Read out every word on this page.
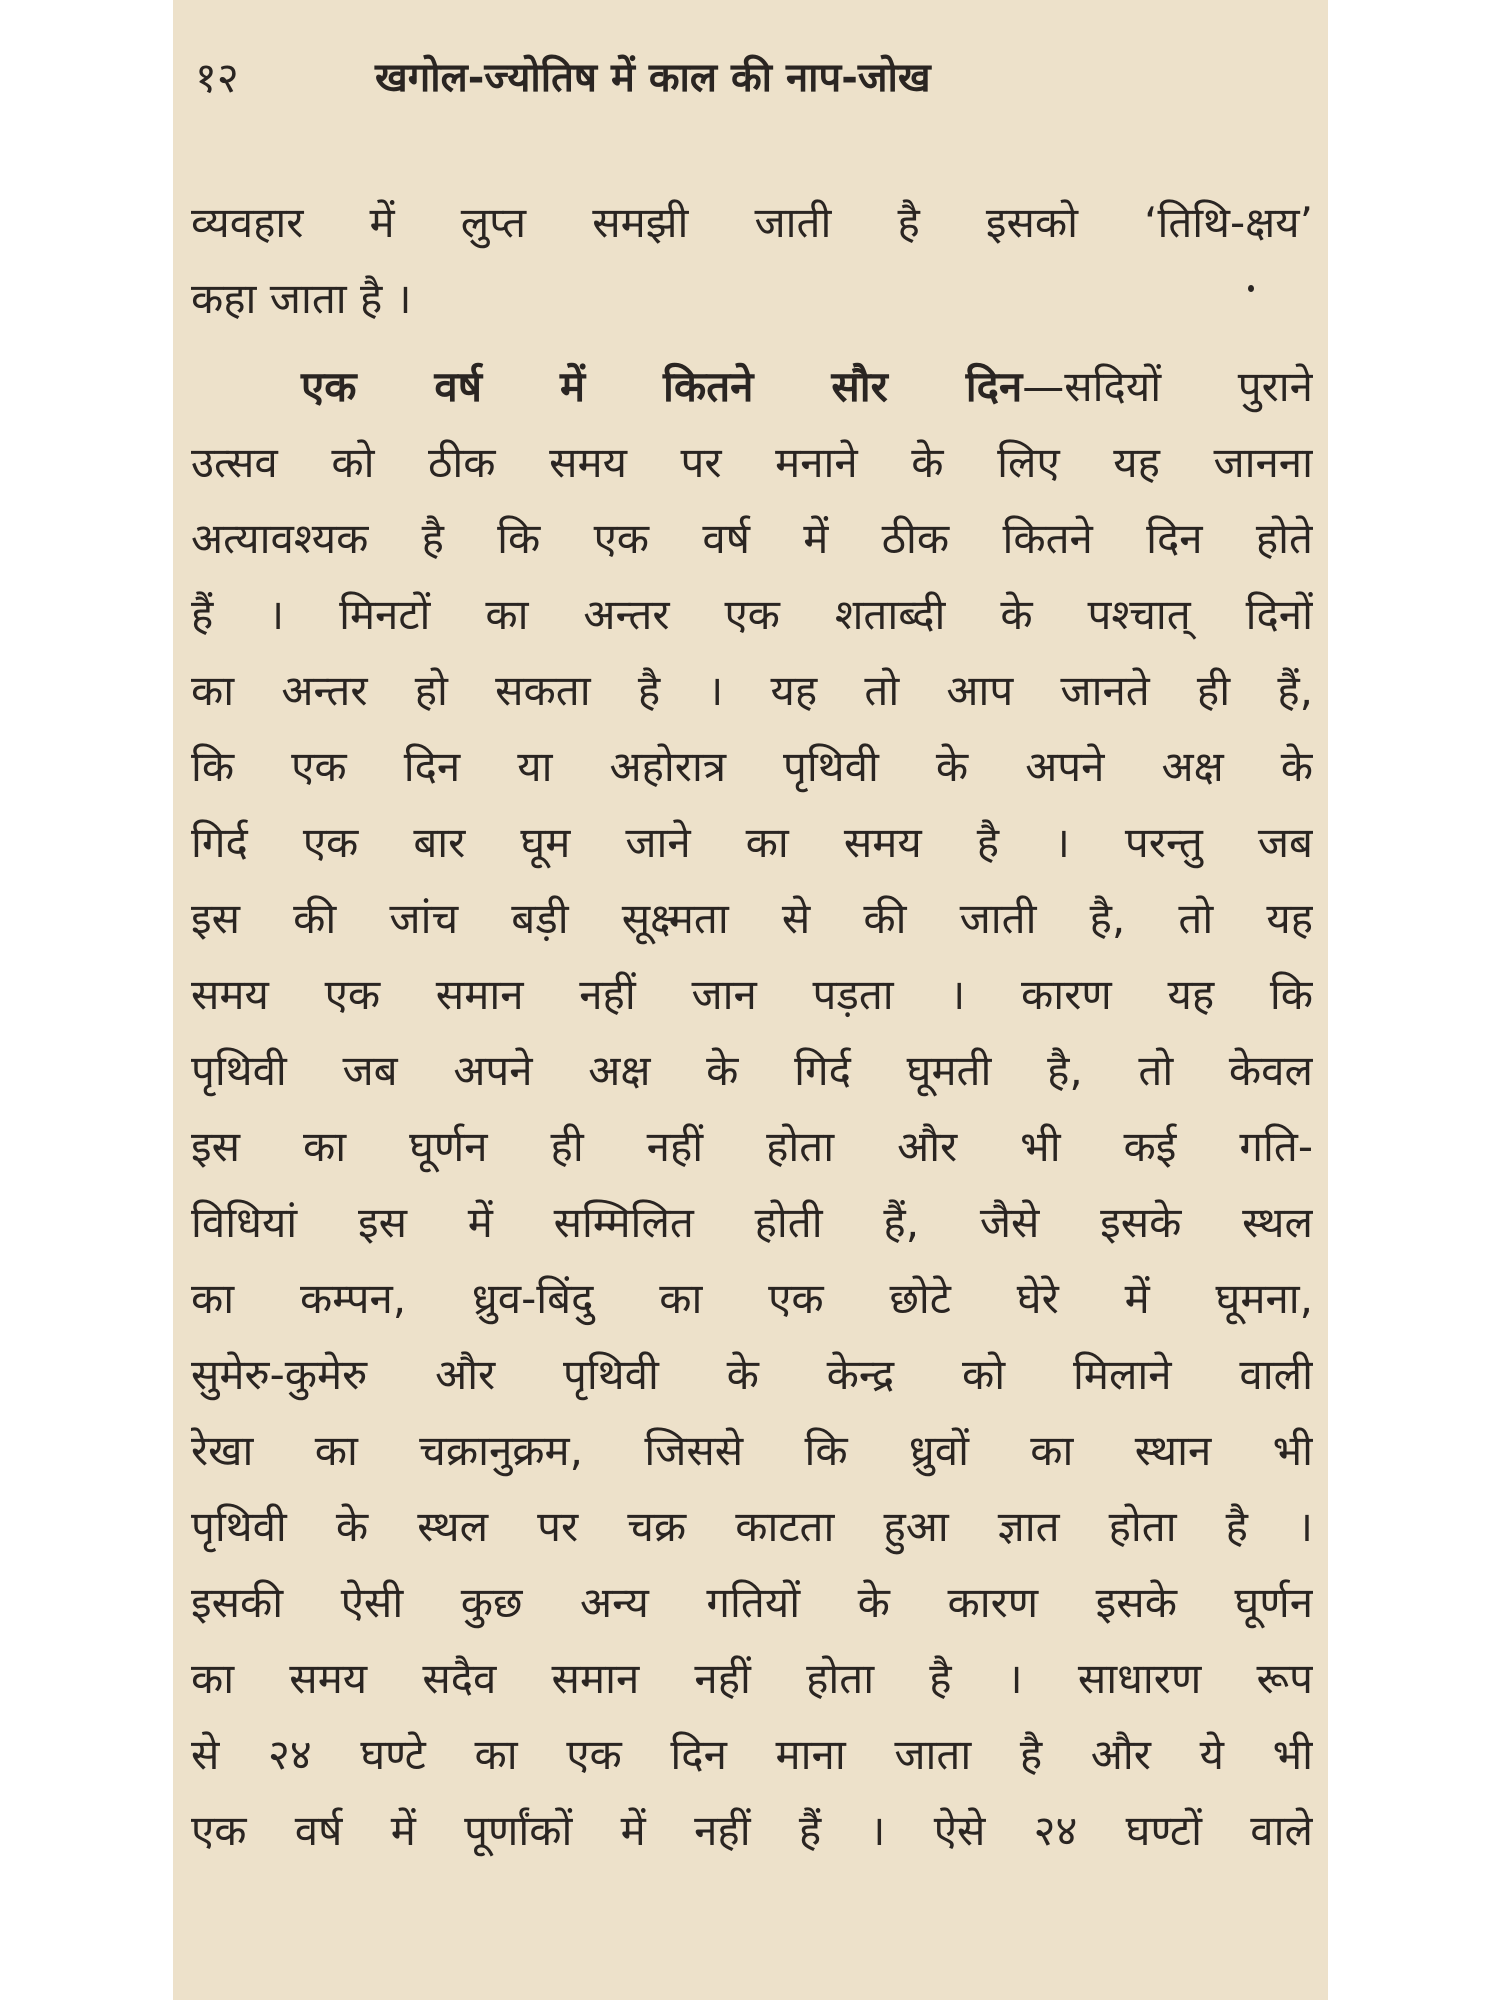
१२	खगोल-ज्योतिष में काल की नाप-जोख
व्यवहार में लुप्त समझी जाती है इसको ‘तिथि-क्षय’
कहा जाता है ।
एक वर्ष में कितने सौर दिन—सदियों पुराने
उत्सव को ठीक समय पर मनाने के लिए यह जानना
अत्यावश्यक है कि एक वर्ष में ठीक कितने दिन होते
हैं । मिनटों का अन्तर एक शताब्दी के पश्चात् दिनों
का अन्तर हो सकता है । यह तो आप जानते ही हैं,
कि एक दिन या अहोरात्र पृथिवी के अपने अक्ष के
गिर्द एक बार घूम जाने का समय है । परन्तु जब
इस की जांच बड़ी सूक्ष्मता से की जाती है, तो यह
समय एक समान नहीं जान पड़ता । कारण यह कि
पृथिवी जब अपने अक्ष के गिर्द घूमती है, तो केवल
इस का घूर्णन ही नहीं होता और भी कई गति-
विधियां इस में सम्मिलित होती हैं, जैसे इसके स्थल
का कम्पन, ध्रुव-बिंदु का एक छोटे घेरे में घूमना,
सुमेरु-कुमेरु और पृथिवी के केन्द्र को मिलाने वाली
रेखा का चक्रानुक्रम, जिससे कि ध्रुवों का स्थान भी
पृथिवी के स्थल पर चक्र काटता हुआ ज्ञात होता है ।
इसकी ऐसी कुछ अन्य गतियों के कारण इसके घूर्णन
का समय सदैव समान नहीं होता है । साधारण रूप
से २४ घण्टे का एक दिन माना जाता है और ये भी
एक वर्ष में पूर्णांकों में नहीं हैं । ऐसे २४ घण्टों वाले
